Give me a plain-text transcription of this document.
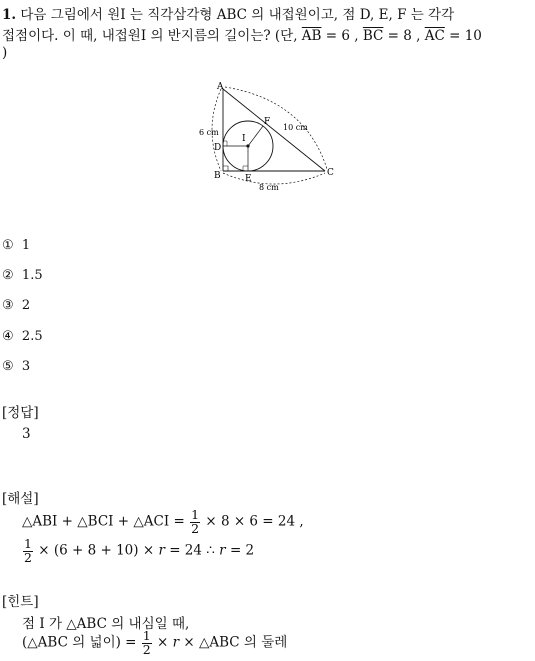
1. 다음 그림에서 원I 는 직각삼각형 ABC 의 내접원이고, 점 D, E, F 는 각각
접점이다. 이 때, 내접원I 의 반지름의 길이는? (단, $\overline{AB} = 6$ , $\overline{BC} = 8$ , $\overline{AC} = 10$
)
A
B	C
D
E
F
I
6 cm
8 cm
10 cm
① 1
② 1.5
③ 2
④ 2.5
⑤ 3
[정답]
3
[해설]
△ABI + △BCI + △ACI = $\frac{1}{2} \times 8 \times 6 = 24$ ,
$\frac{1}{2} \times (6 + 8 + 10) \times r = 24$ ∴ r = 2
[힌트]
점 I 가 △ABC 의 내심일 때,
(△ABC 의 넓이) = $\frac{1}{2} \times r$ × △ABC 의 둘레
